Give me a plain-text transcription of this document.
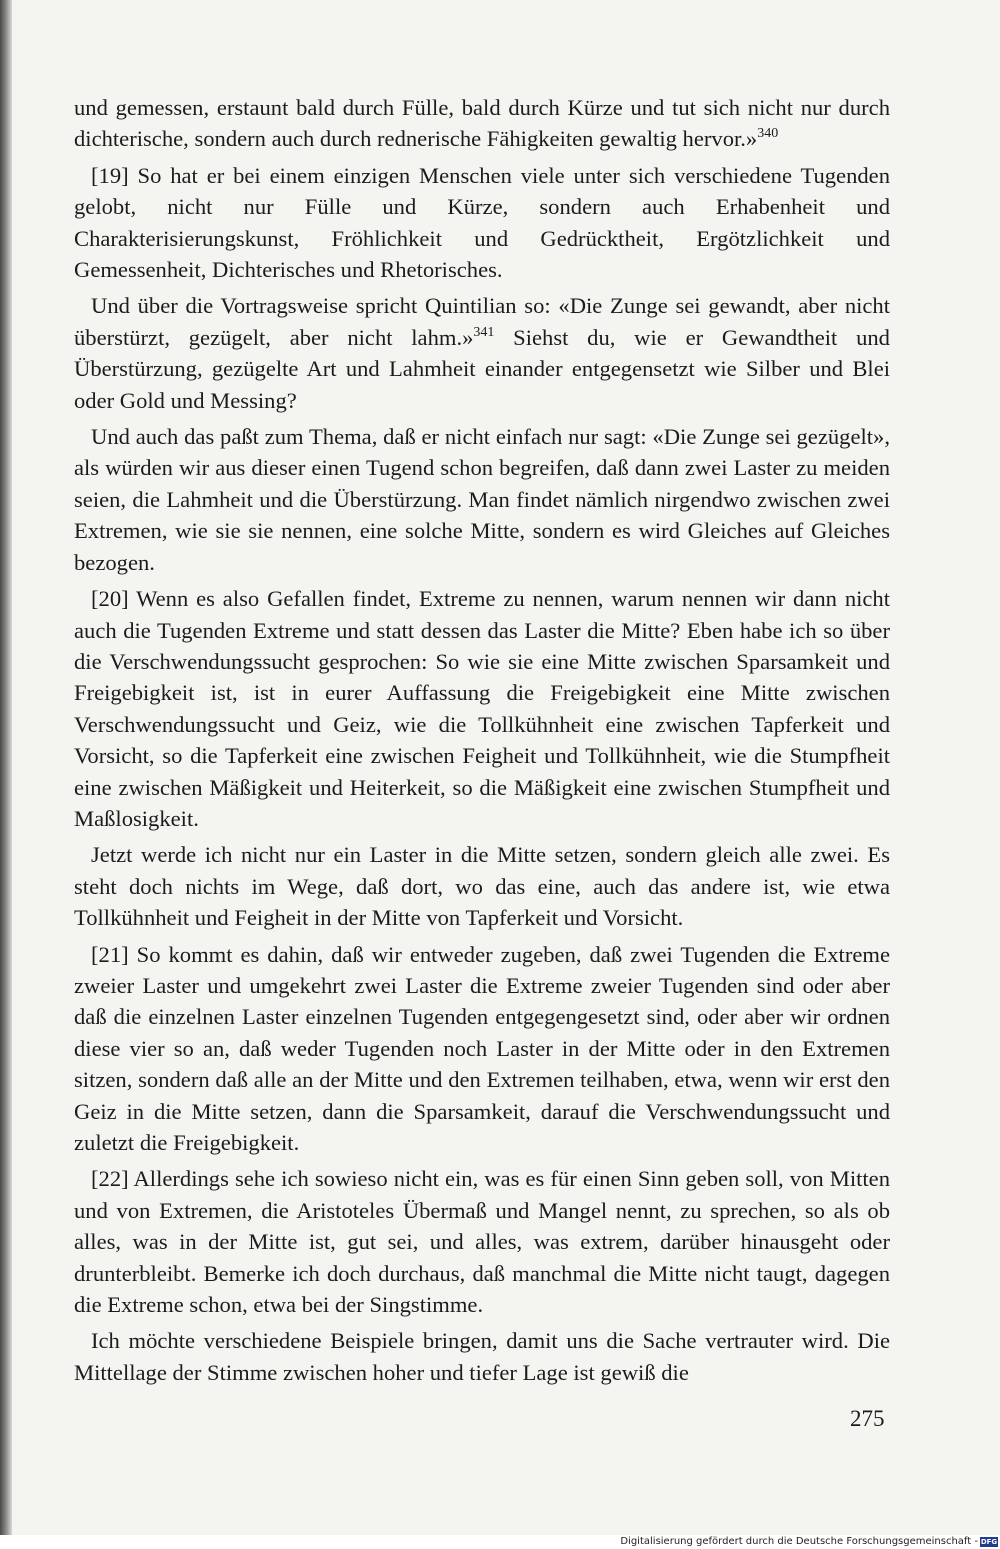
und gemessen, erstaunt bald durch Fülle, bald durch Kürze und tut sich nicht nur durch dichterische, sondern auch durch rednerische Fähigkeiten gewaltig hervor.»$^{340}$

[19] So hat er bei einem einzigen Menschen viele unter sich verschiedene Tugenden gelobt, nicht nur Fülle und Kürze, sondern auch Erhabenheit und Charakterisierungskunst, Fröhlichkeit und Gedrücktheit, Ergötzlichkeit und Gemessenheit, Dichterisches und Rhetorisches.

Und über die Vortragsweise spricht Quintilian so: «Die Zunge sei gewandt, aber nicht überstürzt, gezügelt, aber nicht lahm.»$^{341}$ Siehst du, wie er Gewandtheit und Überstürzung, gezügelte Art und Lahmheit einander entgegensetzt wie Silber und Blei oder Gold und Messing?

Und auch das paßt zum Thema, daß er nicht einfach nur sagt: «Die Zunge sei gezügelt», als würden wir aus dieser einen Tugend schon begreifen, daß dann zwei Laster zu meiden seien, die Lahmheit und die Überstürzung. Man findet nämlich nirgendwo zwischen zwei Extremen, wie sie sie nennen, eine solche Mitte, sondern es wird Gleiches auf Gleiches bezogen.

[20] Wenn es also Gefallen findet, Extreme zu nennen, warum nennen wir dann nicht auch die Tugenden Extreme und statt dessen das Laster die Mitte? Eben habe ich so über die Verschwendungssucht gesprochen: So wie sie eine Mitte zwischen Sparsamkeit und Freigebigkeit ist, ist in eurer Auffassung die Freigebigkeit eine Mitte zwischen Verschwendungssucht und Geiz, wie die Tollkühnheit eine zwischen Tapferkeit und Vorsicht, so die Tapferkeit eine zwischen Feigheit und Tollkühnheit, wie die Stumpfheit eine zwischen Mäßigkeit und Heiterkeit, so die Mäßigkeit eine zwischen Stumpfheit und Maßlosigkeit.

Jetzt werde ich nicht nur ein Laster in die Mitte setzen, sondern gleich alle zwei. Es steht doch nichts im Wege, daß dort, wo das eine, auch das andere ist, wie etwa Tollkühnheit und Feigheit in der Mitte von Tapferkeit und Vorsicht.

[21] So kommt es dahin, daß wir entweder zugeben, daß zwei Tugenden die Extreme zweier Laster und umgekehrt zwei Laster die Extreme zweier Tugenden sind oder aber daß die einzelnen Laster einzelnen Tugenden entgegengesetzt sind, oder aber wir ordnen diese vier so an, daß weder Tugenden noch Laster in der Mitte oder in den Extremen sitzen, sondern daß alle an der Mitte und den Extremen teilhaben, etwa, wenn wir erst den Geiz in die Mitte setzen, dann die Sparsamkeit, darauf die Verschwendungssucht und zuletzt die Freigebigkeit.

[22] Allerdings sehe ich sowieso nicht ein, was es für einen Sinn geben soll, von Mitten und von Extremen, die Aristoteles Übermaß und Mangel nennt, zu sprechen, so als ob alles, was in der Mitte ist, gut sei, und alles, was extrem, darüber hinausgeht oder drunterbleibt. Bemerke ich doch durchaus, daß manchmal die Mitte nicht taugt, dagegen die Extreme schon, etwa bei der Singstimme.

Ich möchte verschiedene Beispiele bringen, damit uns die Sache vertrauter wird. Die Mittellage der Stimme zwischen hoher und tiefer Lage ist gewiß die

275
Digitalisierung gefördert durch die Deutsche Forschungsgemeinschaft - DFG
